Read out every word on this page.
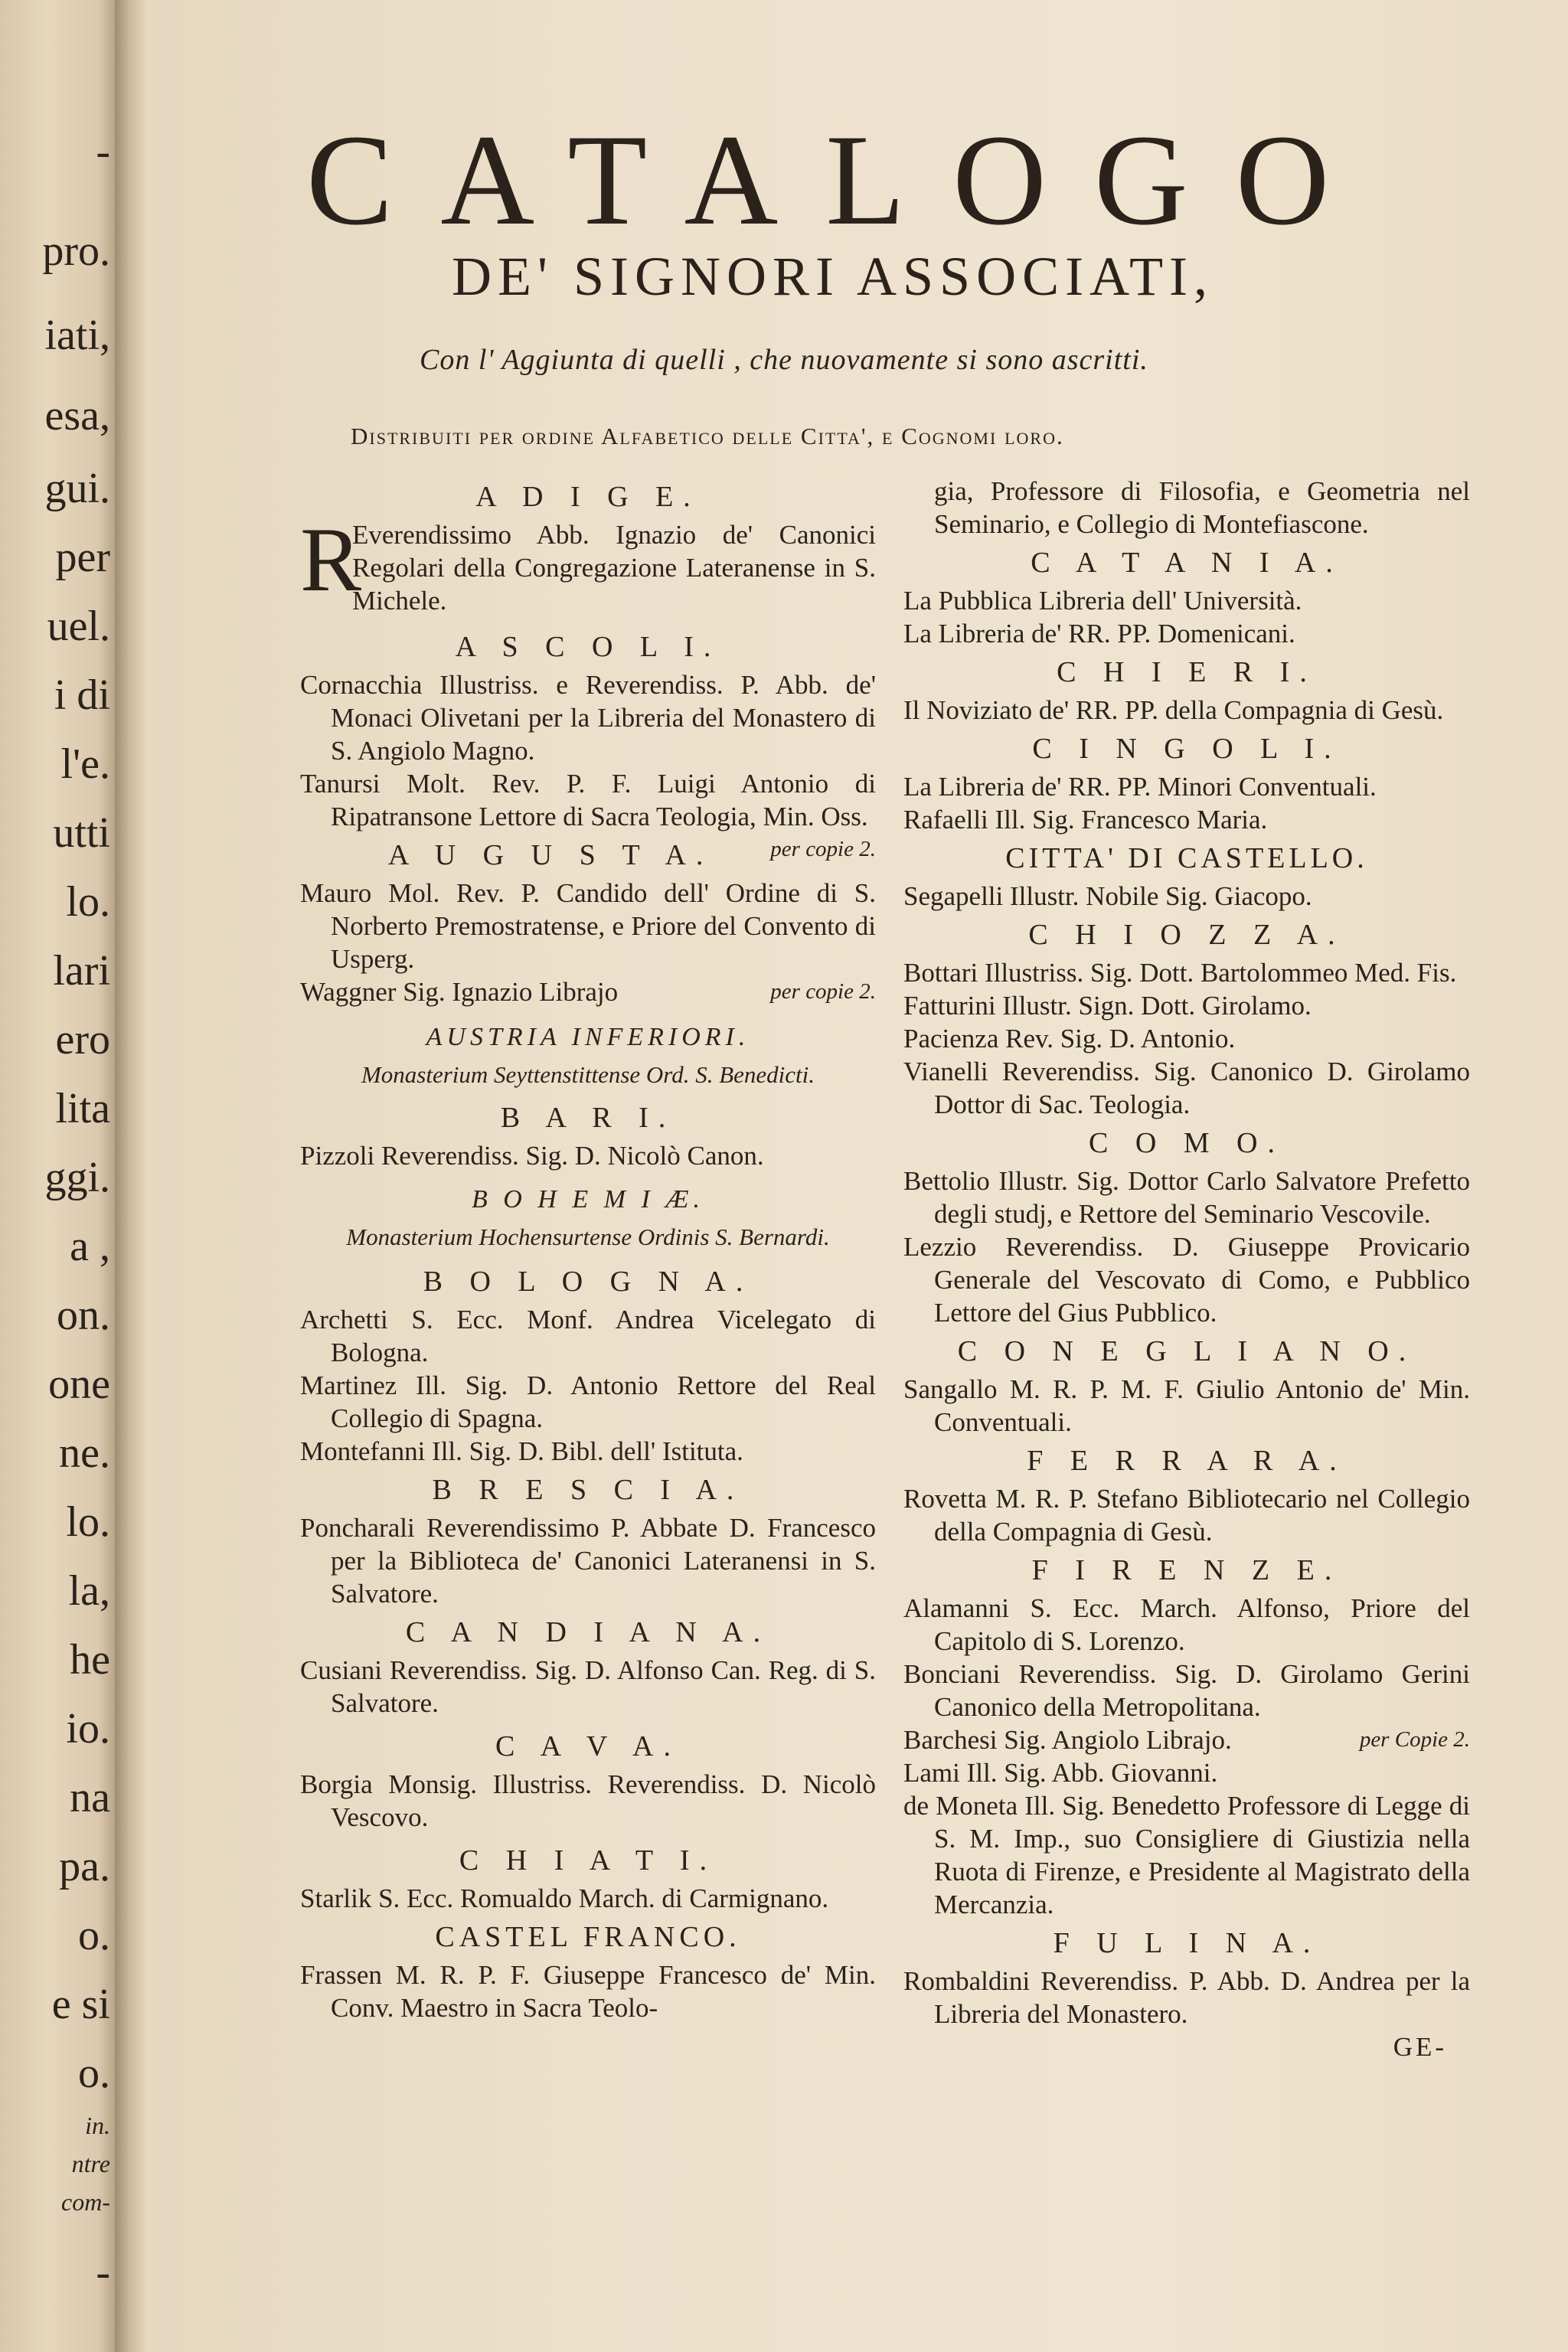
-
pro.
iati,
esa,
gui.
per
uel.
i di
l'e.
utti
lo.
lari
ero
lita
ggi.
a ,
on.
one
ne.
lo.
la,
he
io.
na
pa.
o.
e si
o.
in.
ntre
com-
-
CATALOGO
DE' SIGNORI ASSOCIATI,
Con l' Aggiunta di quelli , che nuovamente si sono ascritti.
Distribuiti per ordine Alfabetico delle Citta', e Cognomi loro.
A D I G E.
R
Everendissimo Abb. Ignazio de' Canonici Regolari della Congregazione Lateranense in S. Michele.
A S C O L I.
Cornacchia Illustriss. e Reverendiss. P. Abb. de' Monaci Olivetani per la Libreria del Monastero di S. Angiolo Magno.
Tanursi Molt. Rev. P. F. Luigi Antonio di Ripatransone Lettore di Sacra Teologia, Min. Oss.
per copie 2.
A U G U S T A.
Mauro Mol. Rev. P. Candido dell' Ordine di S. Norberto Premostratense, e Priore del Convento di Usperg.
Waggner Sig. Ignazio Librajo	per copie 2.
AUSTRIA INFERIORI.
Monasterium Seyttenstittense Ord. S. Benedicti.
B A R I.
Pizzoli Reverendiss. Sig. D. Nicolò Canon.
B O H E M I Æ.
Monasterium Hochensurtense Ordinis S. Bernardi.
B O L O G N A.
Archetti S. Ecc. Monf. Andrea Vicelegato di Bologna.
Martinez Ill. Sig. D. Antonio Rettore del Real Collegio di Spagna.
Montefanni Ill. Sig. D. Bibl. dell' Istituta.
B R E S C I A.
Poncharali Reverendissimo P. Abbate D. Francesco per la Biblioteca de' Canonici Lateranensi in S. Salvatore.
C A N D I A N A.
Cusiani Reverendiss. Sig. D. Alfonso Can. Reg. di S. Salvatore.
C A V A.
Borgia Monsig. Illustriss. Reverendiss. D. Nicolò Vescovo.
C H I A T I.
Starlik S. Ecc. Romualdo March. di Carmignano.
CASTEL FRANCO.
Frassen M. R. P. F. Giuseppe Francesco de' Min. Conv. Maestro in Sacra Teolo-
gia, Professore di Filosofia, e Geometria nel Seminario, e Collegio di Montefiascone.
C A T A N I A.
La Pubblica Libreria dell' Università.
La Libreria de' RR. PP. Domenicani.
C H I E R I.
Il Noviziato de' RR. PP. della Compagnia di Gesù.
C I N G O L I.
La Libreria de' RR. PP. Minori Conventuali.
Rafaelli Ill. Sig. Francesco Maria.
CITTA' DI CASTELLO.
Segapelli Illustr. Nobile Sig. Giacopo.
C H I O Z Z A.
Bottari Illustriss. Sig. Dott. Bartolommeo Med. Fis.
Fatturini Illustr. Sign. Dott. Girolamo.
Pacienza Rev. Sig. D. Antonio.
Vianelli Reverendiss. Sig. Canonico D. Girolamo Dottor di Sac. Teologia.
C O M O.
Bettolio Illustr. Sig. Dottor Carlo Salvatore Prefetto degli studj, e Rettore del Seminario Vescovile.
Lezzio Reverendiss. D. Giuseppe Provicario Generale del Vescovato di Como, e Pubblico Lettore del Gius Pubblico.
C O N E G L I A N O.
Sangallo M. R. P. M. F. Giulio Antonio de' Min. Conventuali.
F E R R A R A.
Rovetta M. R. P. Stefano Bibliotecario nel Collegio della Compagnia di Gesù.
F I R E N Z E.
Alamanni S. Ecc. March. Alfonso, Priore del Capitolo di S. Lorenzo.
Bonciani Reverendiss. Sig. D. Girolamo Gerini Canonico della Metropolitana.
Barchesi Sig. Angiolo Librajo.	per Copie 2.
Lami Ill. Sig. Abb. Giovanni.
de Moneta Ill. Sig. Benedetto Professore di Legge di S. M. Imp., suo Consigliere di Giustizia nella Ruota di Firenze, e Presidente al Magistrato della Mercanzia.
F U L I N A.
Rombaldini Reverendiss. P. Abb. D. Andrea per la Libreria del Monastero.
GE-
